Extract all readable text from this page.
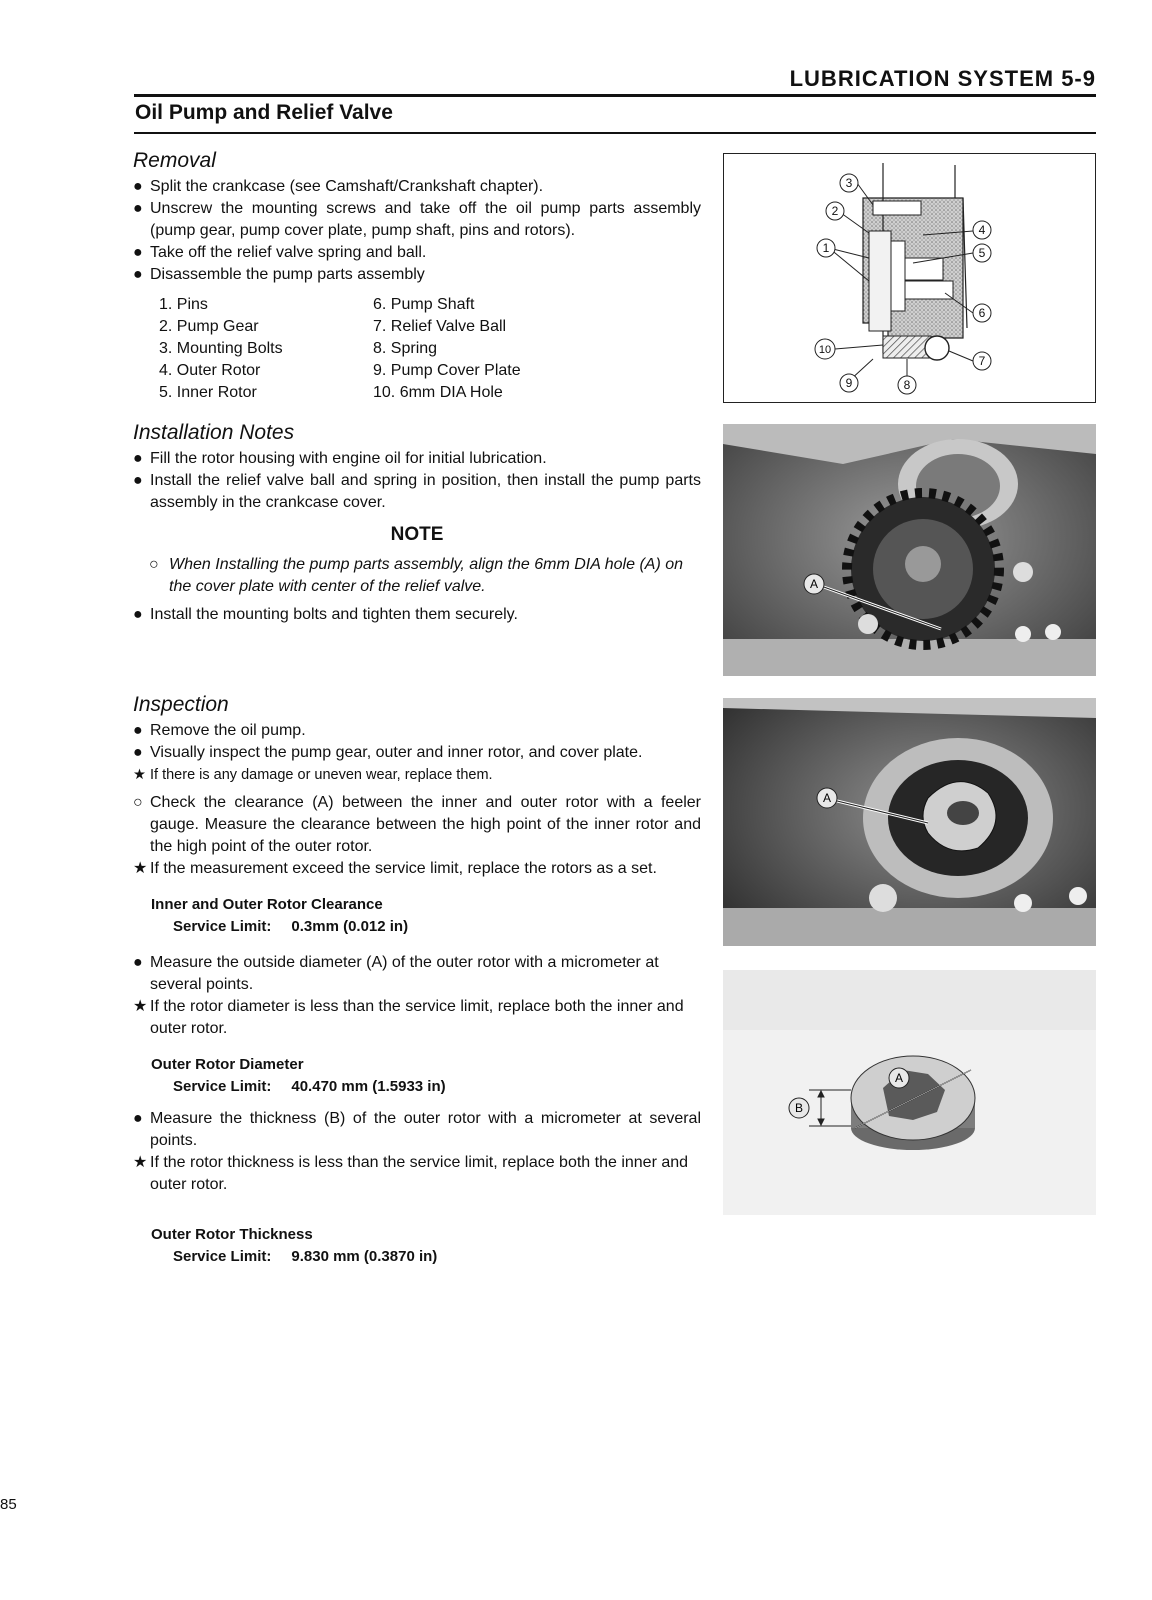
LUBRICATION SYSTEM 5-9
Oil Pump and Relief Valve
Removal

● Split the crankcase (see Camshaft/Crankshaft chapter).

● Unscrew the mounting screws and take off the oil pump parts assembly (pump gear, pump cover plate, pump shaft, pins and rotors).

● Take off the relief valve spring and ball.

● Disassemble the pump parts assembly

1. Pins	6. Pump Shaft
2. Pump Gear	7. Relief Valve Ball
3. Mounting Bolts	8. Spring
4. Outer Rotor	9. Pump Cover Plate
5. Inner Rotor	10. 6mm DIA Hole
Installation Notes

● Fill the rotor housing with engine oil for initial lubrication.

● Install the relief valve ball and spring in position, then install the pump parts assembly in the crankcase cover.

NOTE

○ When Installing the pump parts assembly, align the 6mm DIA hole (A) on the cover plate with center of the relief valve.

● Install the mounting bolts and tighten them securely.

Inspection

● Remove the oil pump.

● Visually inspect the pump gear, outer and inner rotor, and cover plate.

★ If there is any damage or uneven wear, replace them.

○ Check the clearance (A) between the inner and outer rotor with a feeler gauge. Measure the clearance between the high point of the inner rotor and the high point of the outer rotor.

★ If the measurement exceed the service limit, replace the rotors as a set.

Inner and Outer Rotor Clearance
Service Limit: 0.3mm (0.012 in)

● Measure the outside diameter (A) of the outer rotor with a micrometer at several points.

★ If the rotor diameter is less than the service limit, replace both the inner and outer rotor.

Outer Rotor Diameter
Service Limit: 40.470 mm (1.5933 in)

● Measure the thickness (B) of the outer rotor with a micrometer at several points.

★ If the rotor thickness is less than the service limit, replace both the inner and outer rotor.

Outer Rotor Thickness
Service Limit: 9.830 mm (0.3870 in)
3
2
1
4
5
6
7
10
9	8
A
A
A
B
85
